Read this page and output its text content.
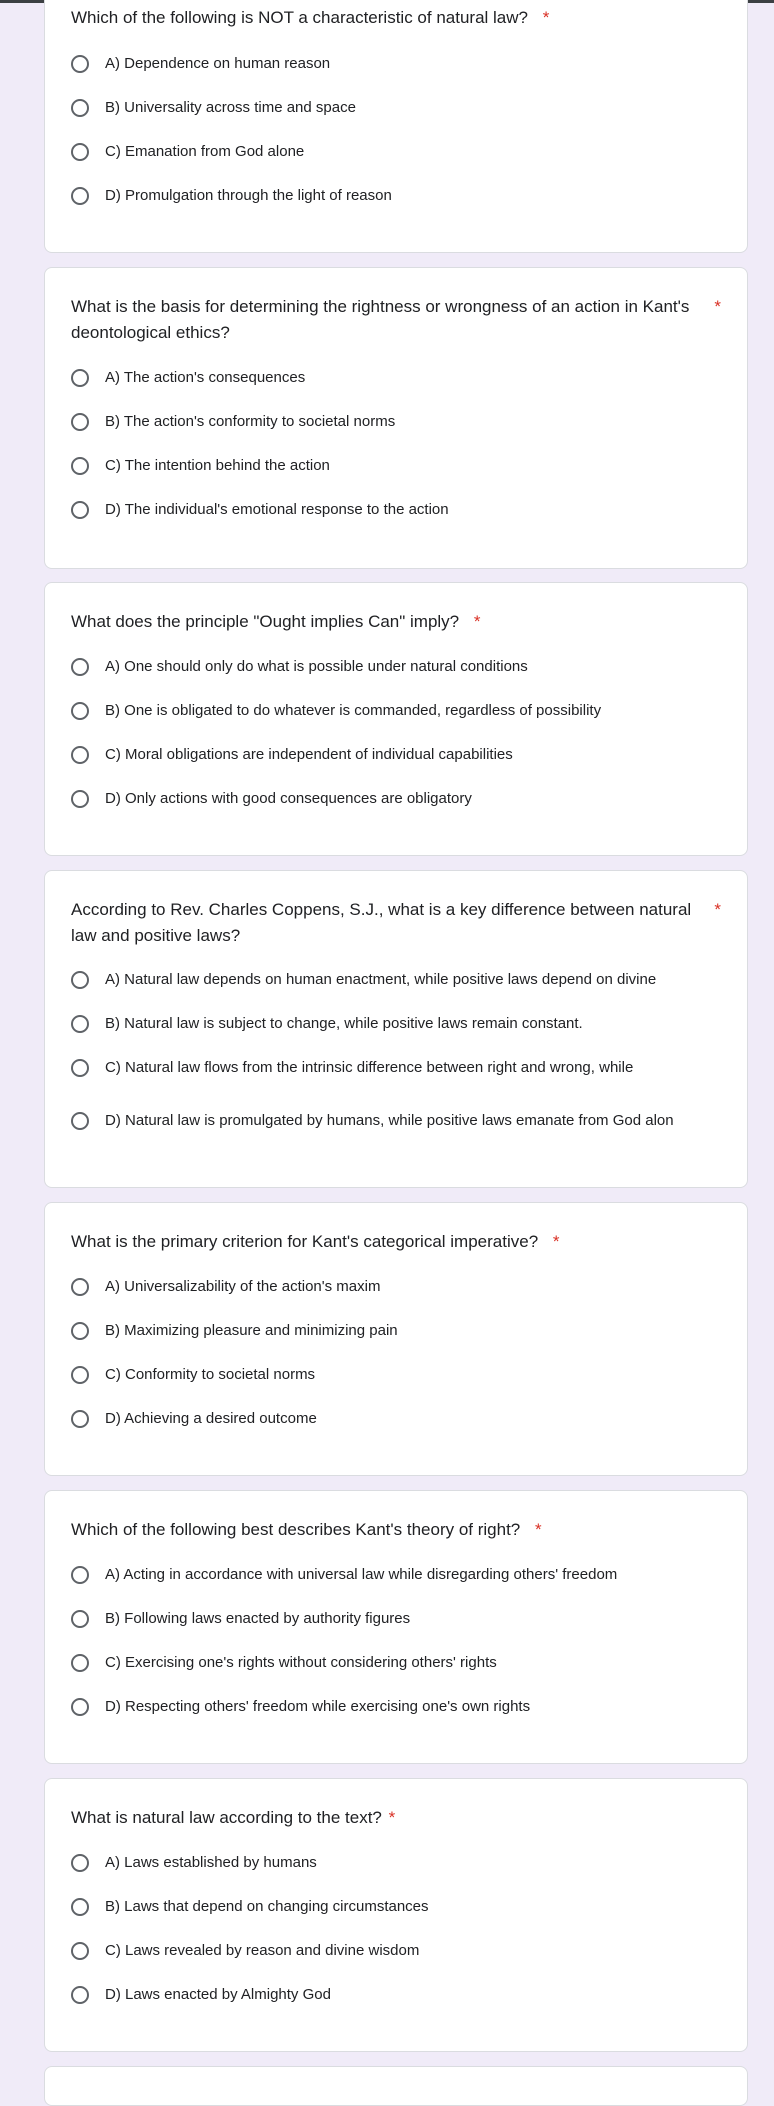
Which of the following is NOT a characteristic of natural law? *
A) Dependence on human reason
B) Universality across time and space
C) Emanation from God alone
D) Promulgation through the light of reason
What is the basis for determining the rightness or wrongness of an action in Kant's deontological ethics?
*
A) The action's consequences
B) The action's conformity to societal norms
C) The intention behind the action
D) The individual's emotional response to the action
What does the principle "Ought implies Can" imply? *
A) One should only do what is possible under natural conditions
B) One is obligated to do whatever is commanded, regardless of possibility
C) Moral obligations are independent of individual capabilities
D) Only actions with good consequences are obligatory
According to Rev. Charles Coppens, S.J., what is a key difference between natural law and positive laws?
*
A) Natural law depends on human enactment, while positive laws depend on divine
B) Natural law is subject to change, while positive laws remain constant.
C) Natural law flows from the intrinsic difference between right and wrong, while
D) Natural law is promulgated by humans, while positive laws emanate from God alon
What is the primary criterion for Kant's categorical imperative? *
A) Universalizability of the action's maxim
B) Maximizing pleasure and minimizing pain
C) Conformity to societal norms
D) Achieving a desired outcome
Which of the following best describes Kant's theory of right? *
A) Acting in accordance with universal law while disregarding others' freedom
B) Following laws enacted by authority figures
C) Exercising one's rights without considering others' rights
D) Respecting others' freedom while exercising one's own rights
What is natural law according to the text? *
A) Laws established by humans
B) Laws that depend on changing circumstances
C) Laws revealed by reason and divine wisdom
D) Laws enacted by Almighty God
